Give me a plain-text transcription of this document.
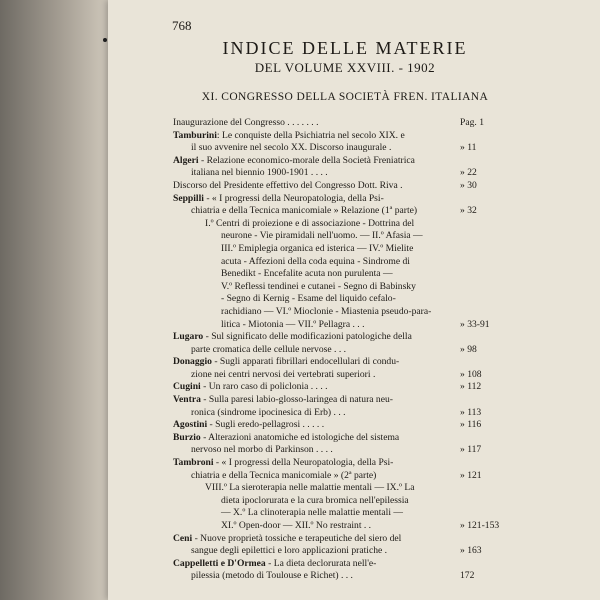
768
INDICE DELLE MATERIE
DEL VOLUME XXVIII. - 1902
XI. CONGRESSO DELLA SOCIETÀ FREN. ITALIANA
Inaugurazione del Congresso . . . . . . .	Pag. 1
Tamburini: Le conquiste della Psichiatria nel secolo XIX. e
il suo avvenire nel secolo XX. Discorso inaugurale .	» 11
Algeri - Relazione economico-morale della Società Freniatrica
italiana nel biennio 1900-1901 . . . .	» 22
Discorso del Presidente effettivo del Congresso Dott. Riva .	» 30
Seppilli - « I progressi della Neuropatologia, della Psi-
chiatria e della Tecnica manicomiale » Relazione (1ª parte)	» 32
I.º Centri di proiezione e di associazione - Dottrina del
neurone - Vie piramidali nell'uomo. — II.º Afasia —
III.º Emiplegia organica ed isterica — IV.º Mielite
acuta - Affezioni della coda equina - Sindrome di
Benedikt - Encefalite acuta non purulenta —
V.º Reflessi tendinei e cutanei - Segno di Babinsky
- Segno di Kernig - Esame del liquido cefalo-
rachidiano — VI.º Mioclonie - Miastenia pseudo-para-
litica - Miotonia — VII.º Pellagra . . .	» 33-91
Lugaro - Sul significato delle modificazioni patologiche della
parte cromatica delle cellule nervose . . .	» 98
Donaggio - Sugli apparati fibrillari endocellulari di condu-
zione nei centri nervosi dei vertebrati superiori .	» 108
Cugini - Un raro caso di policlonia . . . .	» 112
Ventra - Sulla paresi labio-glosso-laringea di natura neu-
ronica (sindrome ipocinesica di Erb) . . .	» 113
Agostini - Sugli eredo-pellagrosi . . . . .	» 116
Burzio - Alterazioni anatomiche ed istologiche del sistema
nervoso nel morbo di Parkinson . . . .	» 117
Tambroni - « I progressi della Neuropatologia, della Psi-
chiatria e della Tecnica manicomiale » (2ª parte)	» 121
VIII.º La sieroterapia nelle malattie mentali — IX.º La
dieta ipoclorurata e la cura bromica nell'epilessia
— X.º La clinoterapia nelle malattie mentali —
XI.º Open-door — XII.º No restraint . .	» 121-153
Ceni - Nuove proprietà tossiche e terapeutiche del siero del
sangue degli epilettici e loro applicazioni pratiche .	» 163
Cappelletti e D'Ormea - La dieta declorurata nell'e-
pilessia (metodo di Toulouse e Richet) . . .	172
